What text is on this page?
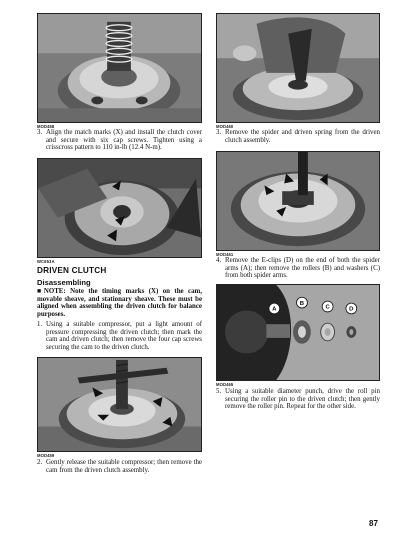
MOD458
3. Align the match marks (X) and install the clutch cover and secure with six cap screws. Tighten using a crisscross pattern to 110 in-lb (12.4 N-m).
WC653A
DRIVEN CLUTCH
Disassembling
■NOTE: Note the timing marks (X) on the cam, movable sheave, and stationary sheave. These must be aligned when assembling the driven clutch for balance purposes.
1. Using a suitable compressor, put a light amount of pressure compressing the driven clutch; then mark the cam and driven clutch; then remove the four cap screws securing the cam to the driven clutch.
MOD459
2. Gently release the suitable compressor; then remove the cam from the driven clutch assembly.
MOD460
3. Remove the spider and driven spring from the driven clutch assembly.
MOD461
4. Remove the E-clips (D) on the end of both the spider arms (A); then remove the rollers (B) and washers (C) from both spider arms.
A
B
C	D
MOD465
5. Using a suitable diameter punch, drive the roll pin securing the roller pin to the driven clutch; then gently remove the roller pin. Repeat for the other side.
87
